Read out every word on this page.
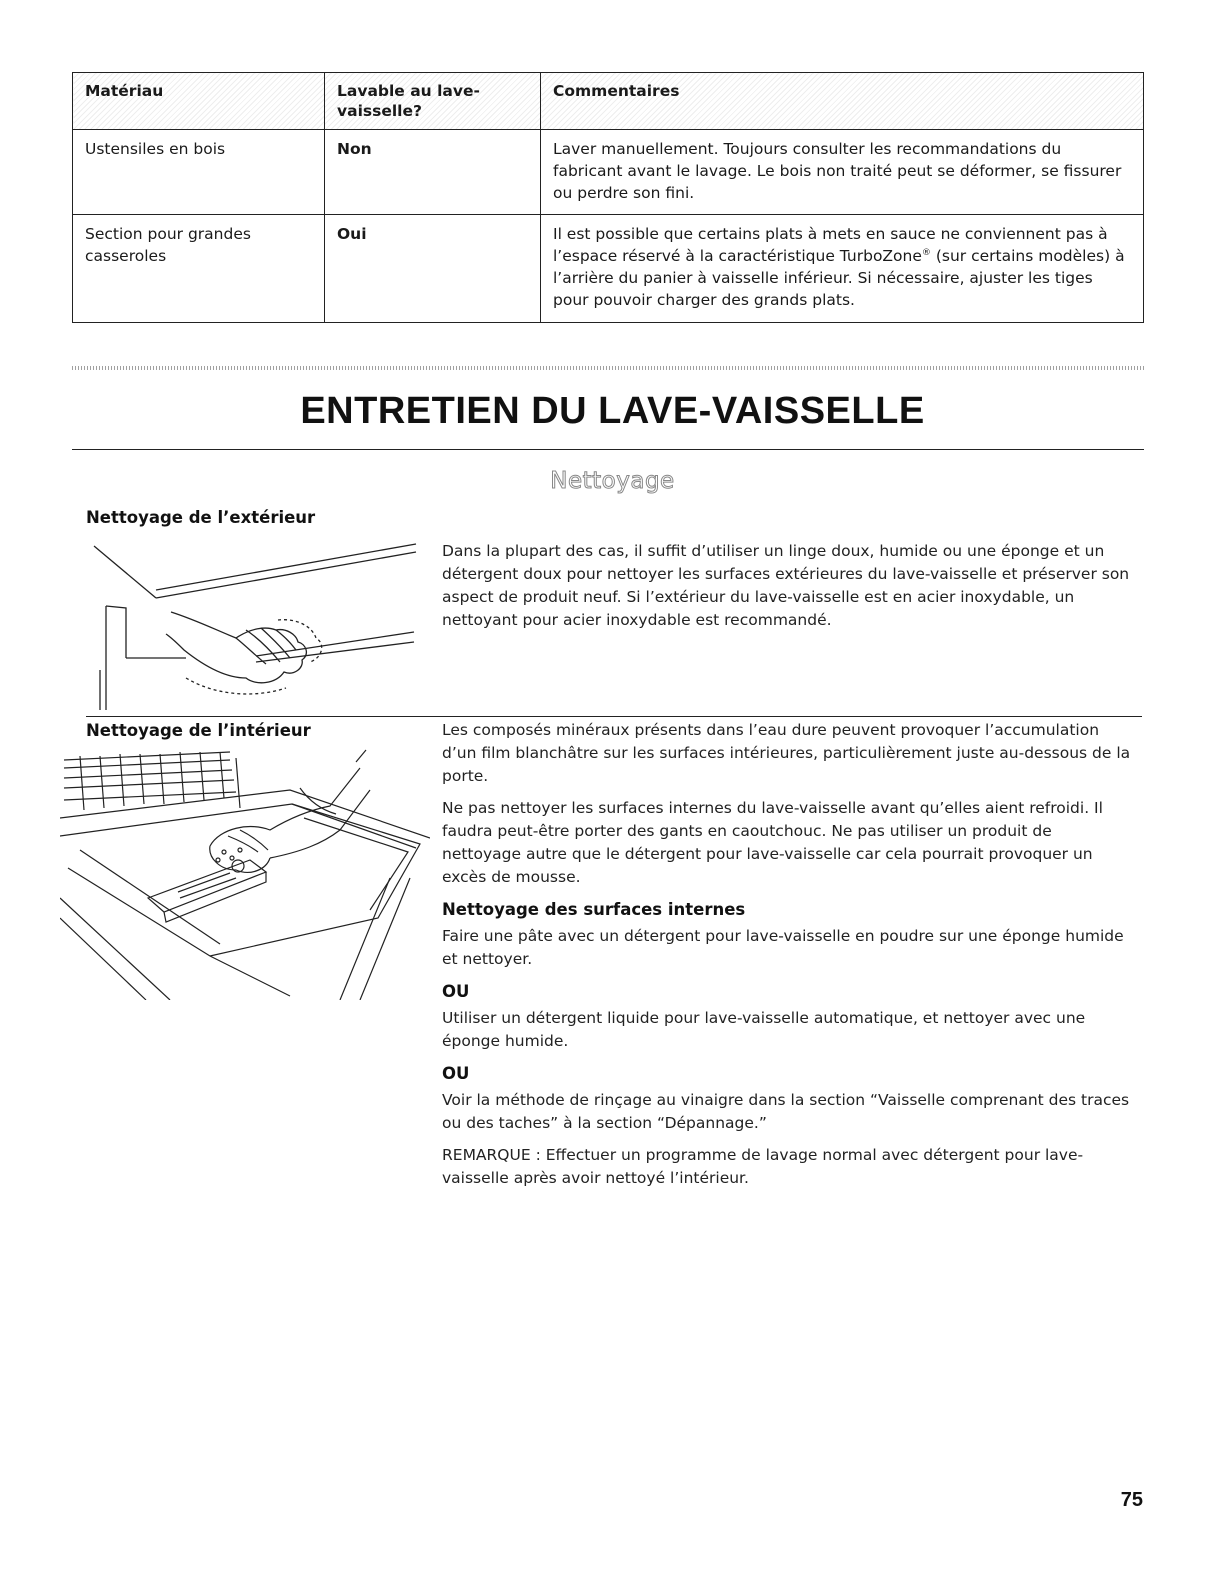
Matériau	Lavable au lave-vaisselle?	Commentaires
Ustensiles en bois	Non	Laver manuellement. Toujours consulter les recommandations du fabricant avant le lavage. Le bois non traité peut se déformer, se fissurer ou perdre son fini.
Section pour grandes casseroles	Oui	Il est possible que certains plats à mets en sauce ne conviennent pas à l’espace réservé à la caractéristique TurboZone® (sur certains modèles) à l’arrière du panier à vaisselle inférieur. Si nécessaire, ajuster les tiges pour pouvoir charger des grands plats.
ENTRETIEN DU LAVE-VAISSELLE
Nettoyage
Nettoyage de l’extérieur

Dans la plupart des cas, il suffit d’utiliser un linge doux, humide ou une éponge et un détergent doux pour nettoyer les surfaces extérieures du lave-vaisselle et préserver son aspect de produit neuf. Si l’extérieur du lave-vaisselle est en acier inoxydable, un nettoyant pour acier inoxydable est recommandé.

Nettoyage de l’intérieur	Les composés minéraux présents dans l’eau dure peuvent provoquer l’accumulation d’un film blanchâtre sur les surfaces intérieures, particulièrement juste au-dessous de la porte.

Ne pas nettoyer les surfaces internes du lave-vaisselle avant qu’elles aient refroidi. Il faudra peut-être porter des gants en caoutchouc. Ne pas utiliser un produit de nettoyage autre que le détergent pour lave-vaisselle car cela pourrait provoquer un excès de mousse.

Nettoyage des surfaces internes

Faire une pâte avec un détergent pour lave-vaisselle en poudre sur une éponge humide et nettoyer.

OU

Utiliser un détergent liquide pour lave-vaisselle automatique, et nettoyer avec une éponge humide.

OU

Voir la méthode de rinçage au vinaigre dans la section “Vaisselle comprenant des traces ou des taches” à la section “Dépannage.”

REMARQUE : Effectuer un programme de lavage normal avec détergent pour lave-vaisselle après avoir nettoyé l’intérieur.

75
